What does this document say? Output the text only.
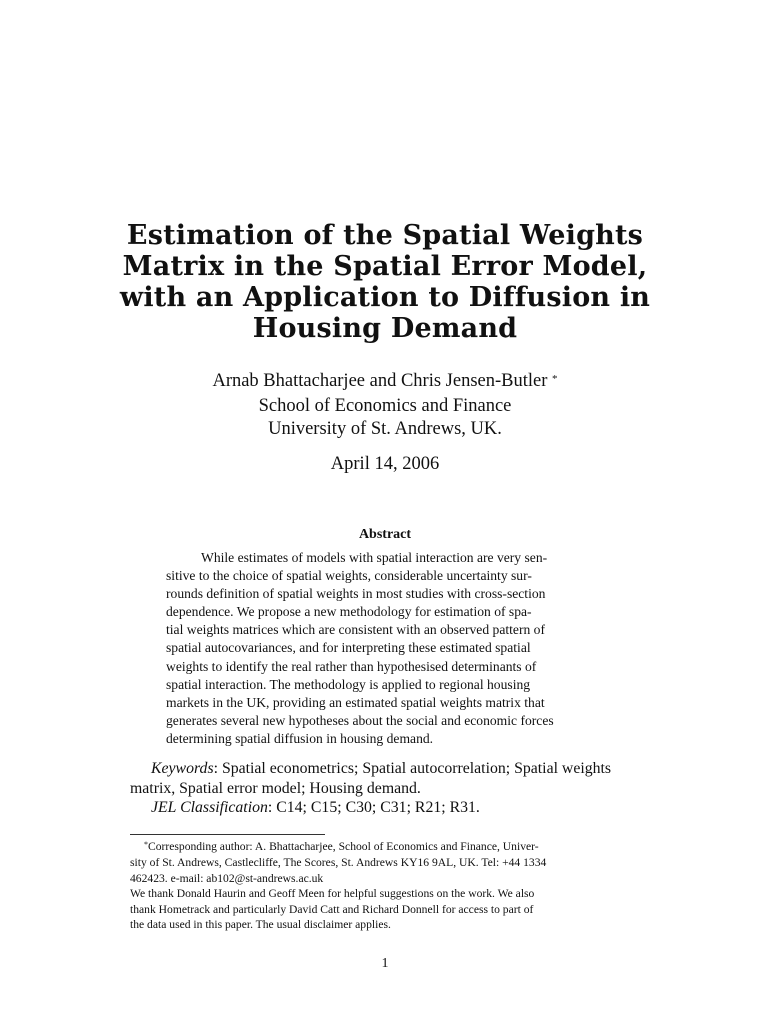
Estimation of the Spatial Weights
Matrix in the Spatial Error Model,
with an Application to Diffusion in
Housing Demand
Arnab Bhattacharjee and Chris Jensen-Butler *
School of Economics and Finance
University of St. Andrews, UK.
April 14, 2006
Abstract
While estimates of models with spatial interaction are very sen-
sitive to the choice of spatial weights, considerable uncertainty sur-
rounds definition of spatial weights in most studies with cross-section
dependence. We propose a new methodology for estimation of spa-
tial weights matrices which are consistent with an observed pattern of
spatial autocovariances, and for interpreting these estimated spatial
weights to identify the real rather than hypothesised determinants of
spatial interaction. The methodology is applied to regional housing
markets in the UK, providing an estimated spatial weights matrix that
generates several new hypotheses about the social and economic forces
determining spatial diffusion in housing demand.
Keywords: Spatial econometrics; Spatial autocorrelation; Spatial weights
matrix, Spatial error model; Housing demand.
JEL Classification: C14; C15; C30; C31; R21; R31.
*Corresponding author: A. Bhattacharjee, School of Economics and Finance, Univer-
sity of St. Andrews, Castlecliffe, The Scores, St. Andrews KY16 9AL, UK. Tel: +44 1334
462423. e-mail: ab102@st-andrews.ac.uk
We thank Donald Haurin and Geoff Meen for helpful suggestions on the work. We also
thank Hometrack and particularly David Catt and Richard Donnell for access to part of
the data used in this paper. The usual disclaimer applies.
1
